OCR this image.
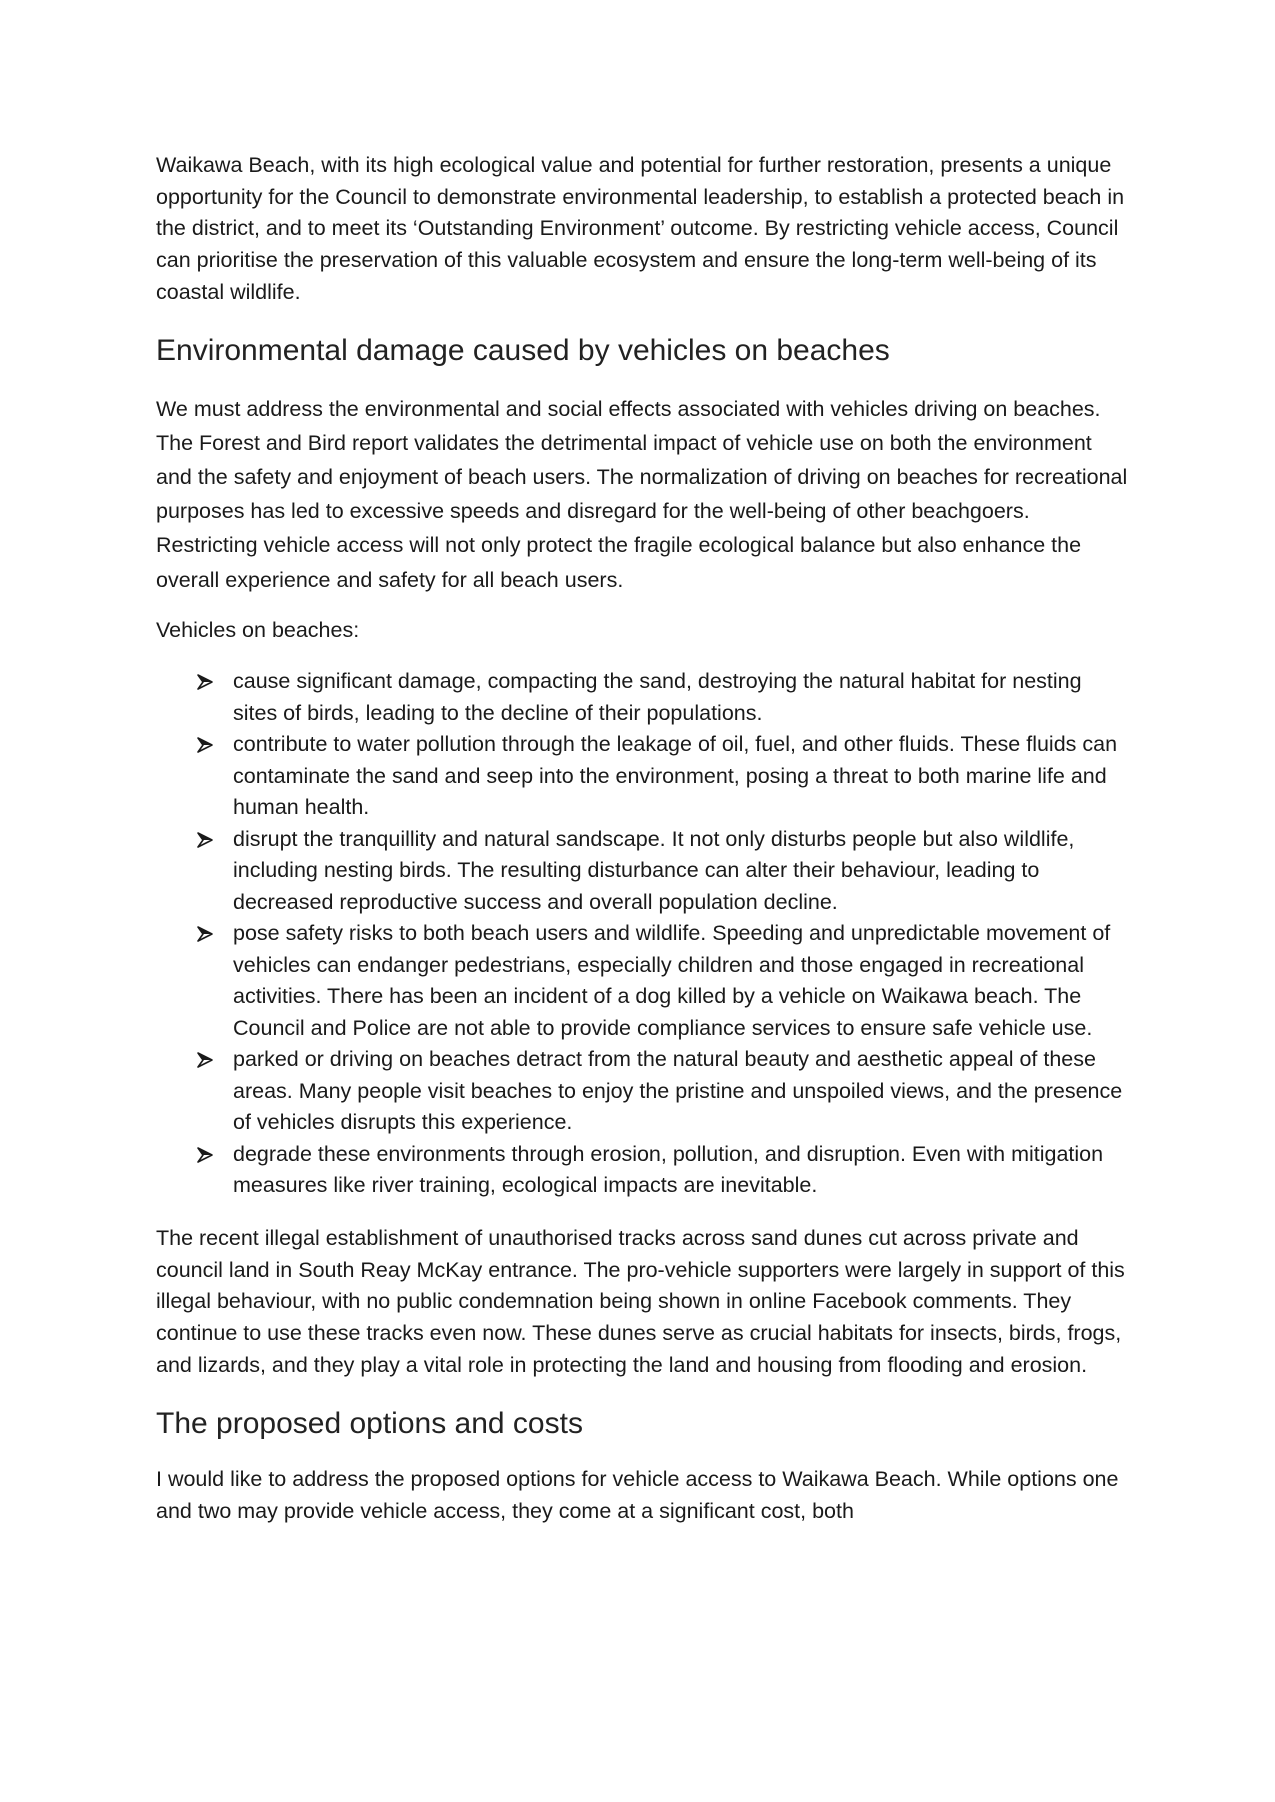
Waikawa Beach, with its high ecological value and potential for further restoration, presents a unique opportunity for the Council to demonstrate environmental leadership, to establish a protected beach in the district, and to meet its ‘Outstanding Environment’ outcome. By restricting vehicle access, Council can prioritise the preservation of this valuable ecosystem and ensure the long-term well-being of its coastal wildlife.

Environmental damage caused by vehicles on beaches

We must address the environmental and social effects associated with vehicles driving on beaches. The Forest and Bird report validates the detrimental impact of vehicle use on both the environment and the safety and enjoyment of beach users. The normalization of driving on beaches for recreational purposes has led to excessive speeds and disregard for the well-being of other beachgoers. Restricting vehicle access will not only protect the fragile ecological balance but also enhance the overall experience and safety for all beach users.

Vehicles on beaches:

cause significant damage, compacting the sand, destroying the natural habitat for nesting sites of birds, leading to the decline of their populations.
contribute to water pollution through the leakage of oil, fuel, and other fluids. These fluids can contaminate the sand and seep into the environment, posing a threat to both marine life and human health.
disrupt the tranquillity and natural sandscape. It not only disturbs people but also wildlife, including nesting birds. The resulting disturbance can alter their behaviour, leading to decreased reproductive success and overall population decline.
pose safety risks to both beach users and wildlife. Speeding and unpredictable movement of vehicles can endanger pedestrians, especially children and those engaged in recreational activities. There has been an incident of a dog killed by a vehicle on Waikawa beach. The Council and Police are not able to provide compliance services to ensure safe vehicle use.
parked or driving on beaches detract from the natural beauty and aesthetic appeal of these areas. Many people visit beaches to enjoy the pristine and unspoiled views, and the presence of vehicles disrupts this experience.
degrade these environments through erosion, pollution, and disruption. Even with mitigation measures like river training, ecological impacts are inevitable.

The recent illegal establishment of unauthorised tracks across sand dunes cut across private and council land in South Reay McKay entrance. The pro-vehicle supporters were largely in support of this illegal behaviour, with no public condemnation being shown in online Facebook comments. They continue to use these tracks even now. These dunes serve as crucial habitats for insects, birds, frogs, and lizards, and they play a vital role in protecting the land and housing from flooding and erosion.

The proposed options and costs

I would like to address the proposed options for vehicle access to Waikawa Beach. While options one and two may provide vehicle access, they come at a significant cost, both
